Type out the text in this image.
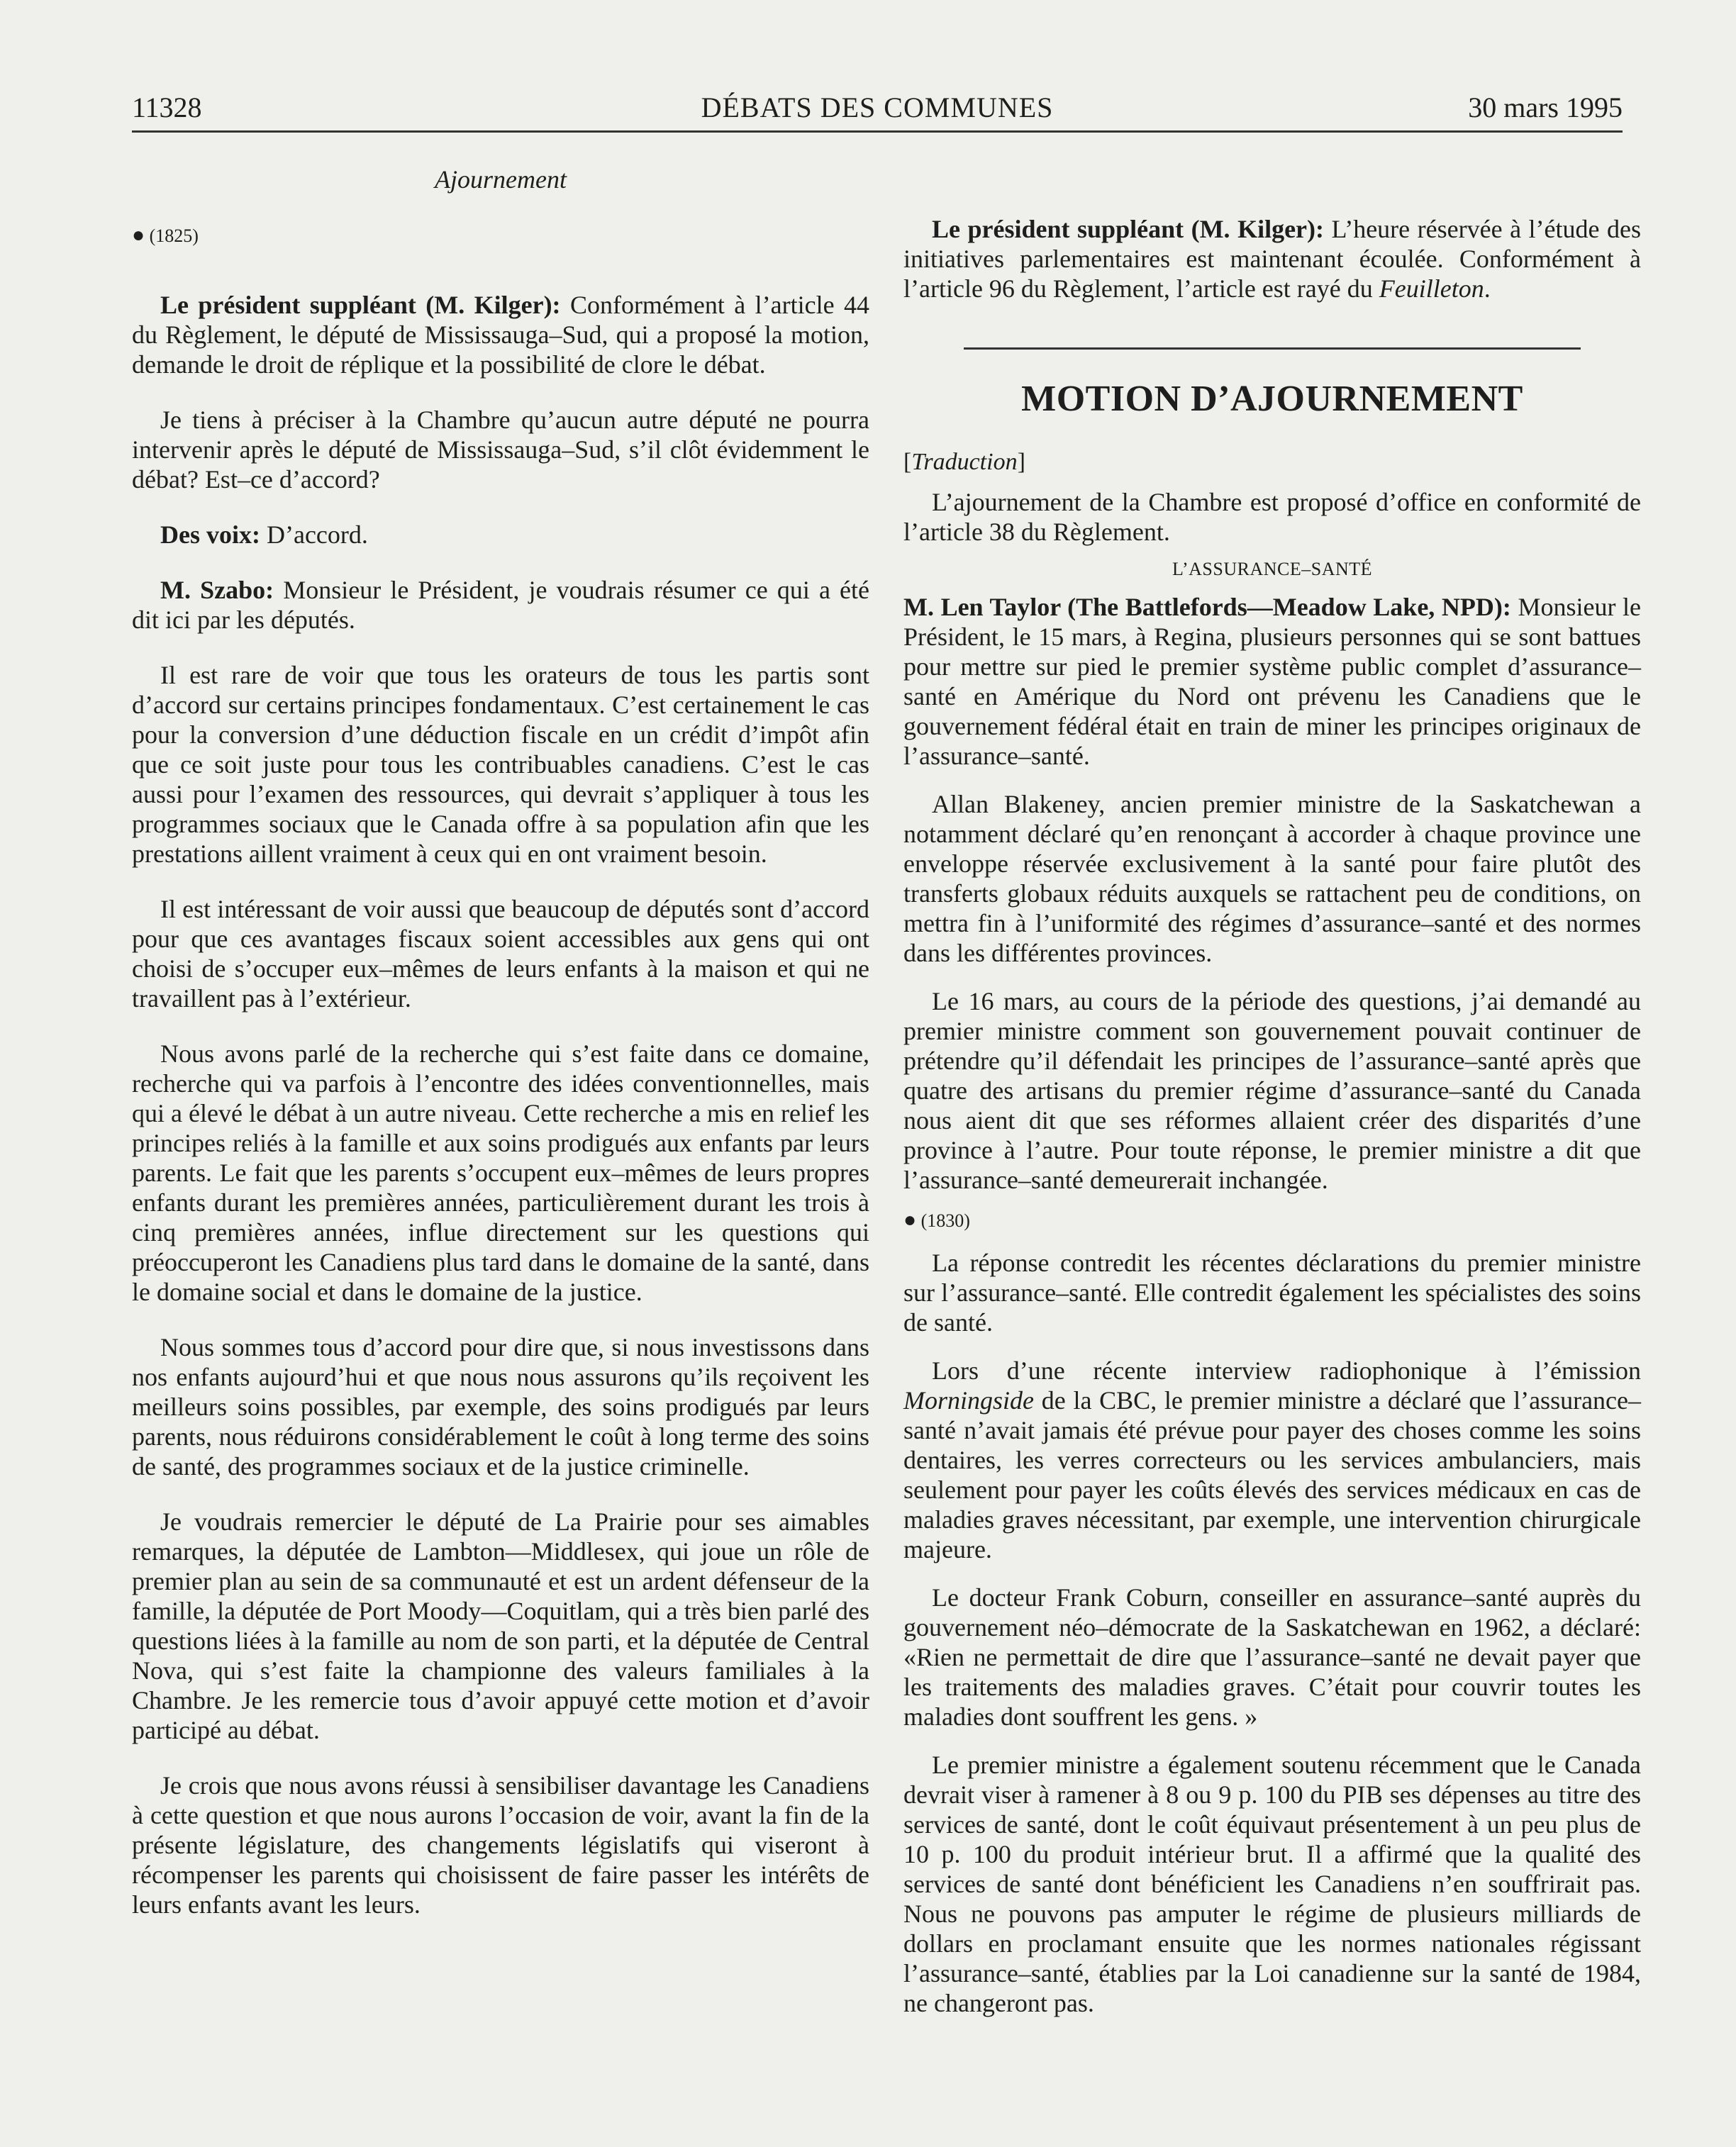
11328	DÉBATS DES COMMUNES	30 mars 1995
Ajournement
● (1825)

Le président suppléant (M. Kilger): Conformément à l’article 44 du Règlement, le député de Mississauga–Sud, qui a proposé la motion, demande le droit de réplique et la possibilité de clore le débat.

Je tiens à préciser à la Chambre qu’aucun autre député ne pourra intervenir après le député de Mississauga–Sud, s’il clôt évidemment le débat? Est–ce d’accord?

Des voix: D’accord.

M. Szabo: Monsieur le Président, je voudrais résumer ce qui a été dit ici par les députés.

Il est rare de voir que tous les orateurs de tous les partis sont d’accord sur certains principes fondamentaux. C’est certainement le cas pour la conversion d’une déduction fiscale en un crédit d’impôt afin que ce soit juste pour tous les contribuables canadiens. C’est le cas aussi pour l’examen des ressources, qui devrait s’appliquer à tous les programmes sociaux que le Canada offre à sa population afin que les prestations aillent vraiment à ceux qui en ont vraiment besoin.

Il est intéressant de voir aussi que beaucoup de députés sont d’accord pour que ces avantages fiscaux soient accessibles aux gens qui ont choisi de s’occuper eux–mêmes de leurs enfants à la maison et qui ne travaillent pas à l’extérieur.

Nous avons parlé de la recherche qui s’est faite dans ce domaine, recherche qui va parfois à l’encontre des idées conventionnelles, mais qui a élevé le débat à un autre niveau. Cette recherche a mis en relief les principes reliés à la famille et aux soins prodigués aux enfants par leurs parents. Le fait que les parents s’occupent eux–mêmes de leurs propres enfants durant les premières années, particulièrement durant les trois à cinq premières années, influe directement sur les questions qui préoccuperont les Canadiens plus tard dans le domaine de la santé, dans le domaine social et dans le domaine de la justice.

Nous sommes tous d’accord pour dire que, si nous investissons dans nos enfants aujourd’hui et que nous nous assurons qu’ils reçoivent les meilleurs soins possibles, par exemple, des soins prodigués par leurs parents, nous réduirons considérablement le coût à long terme des soins de santé, des programmes sociaux et de la justice criminelle.

Je voudrais remercier le député de La Prairie pour ses aimables remarques, la députée de Lambton—Middlesex, qui joue un rôle de premier plan au sein de sa communauté et est un ardent défenseur de la famille, la députée de Port Moody—Coquitlam, qui a très bien parlé des questions liées à la famille au nom de son parti, et la députée de Central Nova, qui s’est faite la championne des valeurs familiales à la Chambre. Je les remercie tous d’avoir appuyé cette motion et d’avoir participé au débat.

Je crois que nous avons réussi à sensibiliser davantage les Canadiens à cette question et que nous aurons l’occasion de voir, avant la fin de la présente législature, des changements législatifs qui viseront à récompenser les parents qui choisissent de faire passer les intérêts de leurs enfants avant les leurs.

Le président suppléant (M. Kilger): L’heure réservée à l’étude des initiatives parlementaires est maintenant écoulée. Conformément à l’article 96 du Règlement, l’article est rayé du Feuilleton.

MOTION D’AJOURNEMENT
[Traduction]

L’ajournement de la Chambre est proposé d’office en conformité de l’article 38 du Règlement.

L’ASSURANCE–SANTÉ

M. Len Taylor (The Battlefords—Meadow Lake, NPD): Monsieur le Président, le 15 mars, à Regina, plusieurs personnes qui se sont battues pour mettre sur pied le premier système public complet d’assurance–santé en Amérique du Nord ont prévenu les Canadiens que le gouvernement fédéral était en train de miner les principes originaux de l’assurance–santé.

Allan Blakeney, ancien premier ministre de la Saskatchewan a notamment déclaré qu’en renonçant à accorder à chaque province une enveloppe réservée exclusivement à la santé pour faire plutôt des transferts globaux réduits auxquels se rattachent peu de conditions, on mettra fin à l’uniformité des régimes d’assurance–santé et des normes dans les différentes provinces.

Le 16 mars, au cours de la période des questions, j’ai demandé au premier ministre comment son gouvernement pouvait continuer de prétendre qu’il défendait les principes de l’assurance–santé après que quatre des artisans du premier régime d’assurance–santé du Canada nous aient dit que ses réformes allaient créer des disparités d’une province à l’autre. Pour toute réponse, le premier ministre a dit que l’assurance–santé demeurerait inchangée.

● (1830)

La réponse contredit les récentes déclarations du premier ministre sur l’assurance–santé. Elle contredit également les spécialistes des soins de santé.

Lors d’une récente interview radiophonique à l’émission Morningside de la CBC, le premier ministre a déclaré que l’assurance–santé n’avait jamais été prévue pour payer des choses comme les soins dentaires, les verres correcteurs ou les services ambulanciers, mais seulement pour payer les coûts élevés des services médicaux en cas de maladies graves nécessitant, par exemple, une intervention chirurgicale majeure.

Le docteur Frank Coburn, conseiller en assurance–santé auprès du gouvernement néo–démocrate de la Saskatchewan en 1962, a déclaré: «Rien ne permettait de dire que l’assurance–santé ne devait payer que les traitements des maladies graves. C’était pour couvrir toutes les maladies dont souffrent les gens. »

Le premier ministre a également soutenu récemment que le Canada devrait viser à ramener à 8 ou 9 p. 100 du PIB ses dépenses au titre des services de santé, dont le coût équivaut présentement à un peu plus de 10 p. 100 du produit intérieur brut. Il a affirmé que la qualité des services de santé dont bénéficient les Canadiens n’en souffrirait pas. Nous ne pouvons pas amputer le régime de plusieurs milliards de dollars en proclamant ensuite que les normes nationales régissant l’assurance–santé, établies par la Loi canadienne sur la santé de 1984, ne changeront pas.
